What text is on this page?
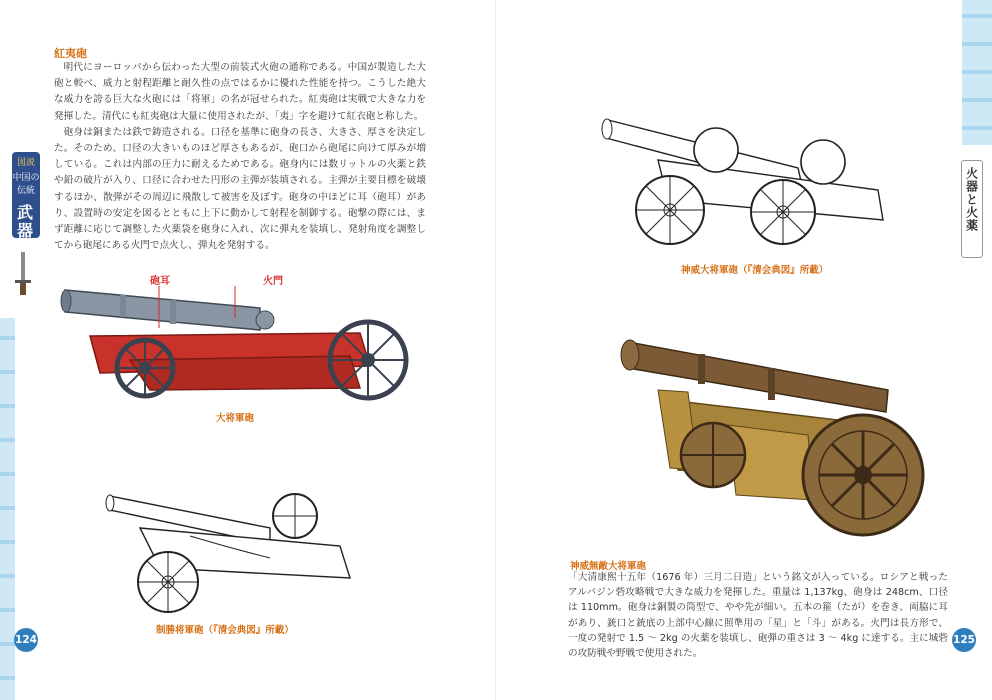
図説
中国の伝統
武器
紅夷砲

明代にヨーロッパから伝わった大型の前装式火砲の通称である。中国が製造した大砲と較べ、威力と射程距離と耐久性の点ではるかに優れた性能を持つ。こうした絶大な威力を誇る巨大な火砲には「将軍」の名が冠せられた。紅夷砲は実戦で大きな力を発揮した。清代にも紅夷砲は大量に使用されたが、「夷」字を避けて紅衣砲と称した。

砲身は銅または鉄で鋳造される。口径を基準に砲身の長さ、大きさ、厚さを決定した。そのため、口径の大きいものほど厚さもあるが、砲口から砲尾に向けて厚みが増している。これは内部の圧力に耐えるためである。砲身内には数リットルの火薬と鉄や鉛の破片が入り、口径に合わせた円形の主弾が装填される。主弾が主要目標を破壊するほか、散弾がその周辺に飛散して被害を及ぼす。砲身の中ほどに耳（砲耳）があり、設置時の安定を図るとともに上下に動かして射程を制御する。砲撃の際には、まず距離に応じて調整した火薬袋を砲身に入れ、次に弾丸を装填し、発射角度を調整してから砲尾にある火門で点火し、弾丸を発射する。

砲耳	火門
大将軍砲
制勝将軍砲（『清会典図』所載）
124
火器と火薬
神威大将軍砲（『清会典図』所載）
神威無敵大将軍砲

「大清康熙十五年（1676 年）三月二日造」という銘文が入っている。ロシアと戦ったアルバジン砦攻略戦で大きな威力を発揮した。重量は 1,137kg、砲身は 248cm、口径は 110mm。砲身は銅製の筒型で、やや先が細い。五本の箍（たが）を巻き、両脇に耳があり、銃口と銃底の上部中心線に照準用の「星」と「斗」がある。火門は長方形で、一度の発射で 1.5 ～ 2kg の火薬を装填し、砲弾の重さは 3 ～ 4kg に達する。主に城砦の攻防戦や野戦で使用された。

125
